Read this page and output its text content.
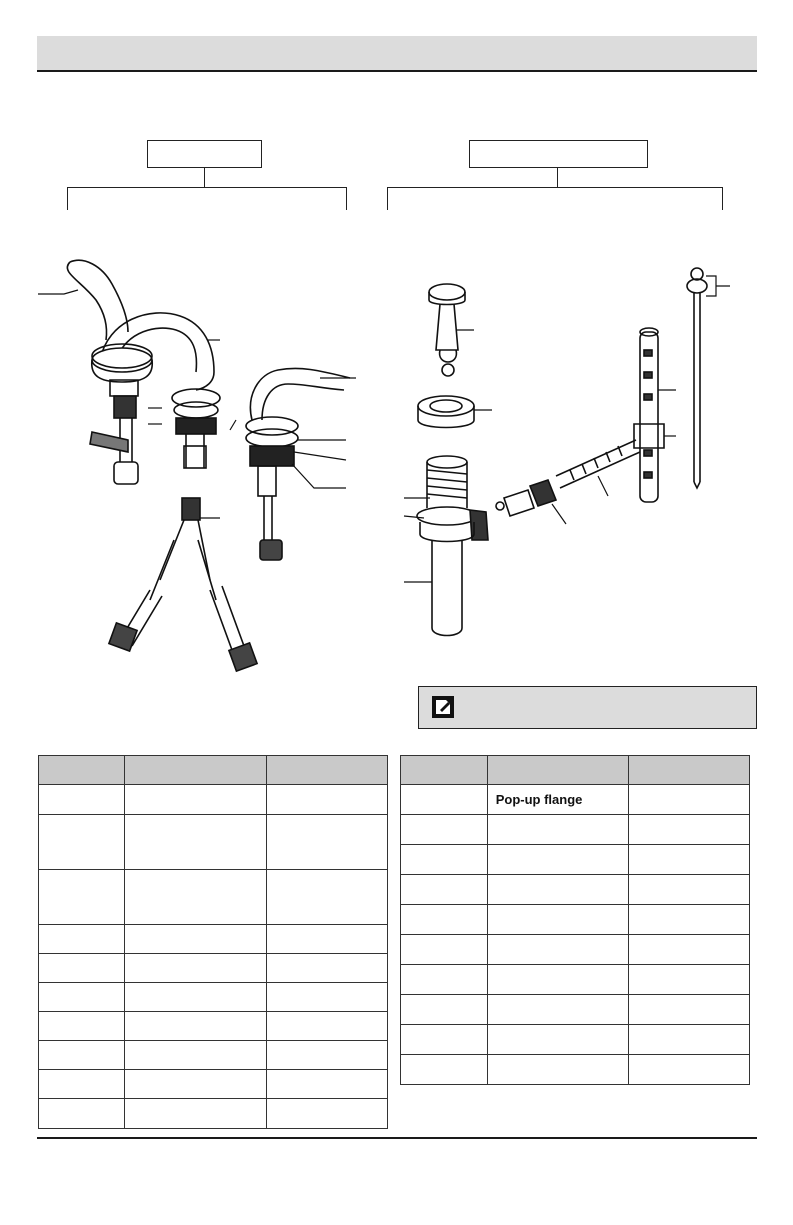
	Pop-up flange	
